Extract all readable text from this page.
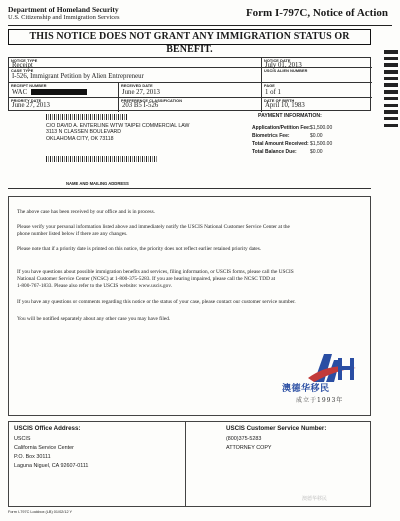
Department of Homeland Security
U.S. Citizenship and Immigration Services	Form I-797C, Notice of Action
THIS NOTICE DOES NOT GRANT ANY IMMIGRATION STATUS OR BENEFIT.
NOTICE TYPE
Receipt
NOTICE DATE
July 01, 2013
CASE TYPE
I-526, Immigrant Petition by Alien Entrepreneur
USCIS ALIEN NUMBER
RECEIPT NUMBER
WAC
RECEIVED DATE
June 27, 2013
PAGE
1 of 1
PRIORITY DATE
June 27, 2013
PREFERENCE CLASSIFICATION
203 B5 I-526
DATE OF BIRTH
April 10, 1983
C/O DAVID A. ENTERLINE WTW TAIPEI COMMERCIAL LAW
3113 N CLASSEN BOULEVARD
OKLAHOMA CITY, OK 73118
NAME AND MAILING ADDRESS
PAYMENT INFORMATION:
Application/Petition Fee: $1,500.00
Biometrics Fee:	$0.00
Total Amount Received: $1,500.00
Total Balance Due:	$0.00
The above case has been received by our office and is in process.
Please verify your personal information listed above and immediately notify the USCIS National Customer Service Center at the
phone number listed below if there are any changes.
Please note that if a priority date is printed on this notice, the priority does not reflect earlier retained priority dates.
If you have questions about possible immigration benefits and services, filing information, or USCIS forms, please call the USCIS
National Customer Service Center (NCSC) at 1-800-375-5283. If you are hearing impaired, please call the NCSC TDD at
1-800-767-1833. Please also refer to the USCIS website: www.uscis.gov.
If you have any questions or comments regarding this notice or the status of your case, please contact our customer service number.
You will be notified separately about any other case you may have filed.
澳德华移民
成立于1993年
USCIS Office Address:
USCIS
California Service Center
P.O. Box 30111
Laguna Niguel, CA 92607-0111
USCIS Customer Service Number:
(800)375-5283
ATTORNEY COPY
澳德华移民
Form I-797C Lockbox (LB) 01/02/12 Y
